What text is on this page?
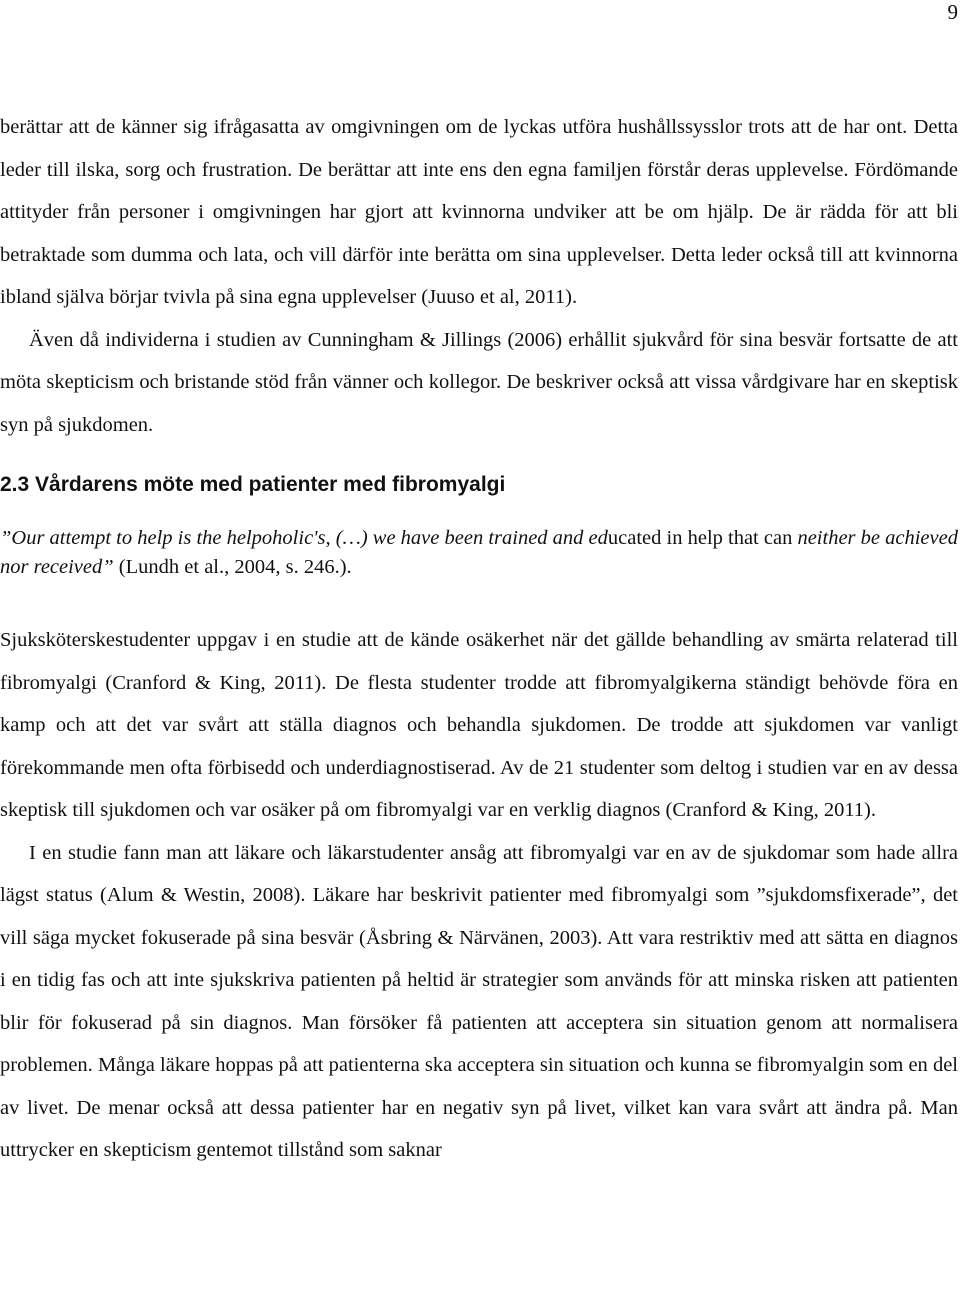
9

berättar att de känner sig ifrågasatta av omgivningen om de lyckas utföra hushållssysslor trots att de har ont. Detta leder till ilska, sorg och frustration. De berättar att inte ens den egna familjen förstår deras upplevelse. Fördömande attityder från personer i omgivningen har gjort att kvinnorna undviker att be om hjälp. De är rädda för att bli betraktade som dumma och lata, och vill därför inte berätta om sina upplevelser. Detta leder också till att kvinnorna ibland själva börjar tvivla på sina egna upplevelser (Juuso et al, 2011).

Även då individerna i studien av Cunningham & Jillings (2006) erhållit sjukvård för sina besvär fortsatte de att möta skepticism och bristande stöd från vänner och kollegor. De beskriver också att vissa vårdgivare har en skeptisk syn på sjukdomen.

2.3 Vårdarens möte med patienter med fibromyalgi
”Our attempt to help is the helpoholic's, (…) we have been trained and educated in help that can neither be achieved nor received” (Lundh et al., 2004, s. 246.).

Sjuksköterskestudenter uppgav i en studie att de kände osäkerhet när det gällde behandling av smärta relaterad till fibromyalgi (Cranford & King, 2011). De flesta studenter trodde att fibromyalgikerna ständigt behövde föra en kamp och att det var svårt att ställa diagnos och behandla sjukdomen. De trodde att sjukdomen var vanligt förekommande men ofta förbisedd och underdiagnostiserad. Av de 21 studenter som deltog i studien var en av dessa skeptisk till sjukdomen och var osäker på om fibromyalgi var en verklig diagnos (Cranford & King, 2011).

I en studie fann man att läkare och läkarstudenter ansåg att fibromyalgi var en av de sjukdomar som hade allra lägst status (Alum & Westin, 2008). Läkare har beskrivit patienter med fibromyalgi som ”sjukdomsfixerade”, det vill säga mycket fokuserade på sina besvär (Åsbring & Närvänen, 2003). Att vara restriktiv med att sätta en diagnos i en tidig fas och att inte sjukskriva patienten på heltid är strategier som används för att minska risken att patienten blir för fokuserad på sin diagnos. Man försöker få patienten att acceptera sin situation genom att normalisera problemen. Många läkare hoppas på att patienterna ska acceptera sin situation och kunna se fibromyalgin som en del av livet. De menar också att dessa patienter har en negativ syn på livet, vilket kan vara svårt att ändra på. Man uttrycker en skepticism gentemot tillstånd som saknar
